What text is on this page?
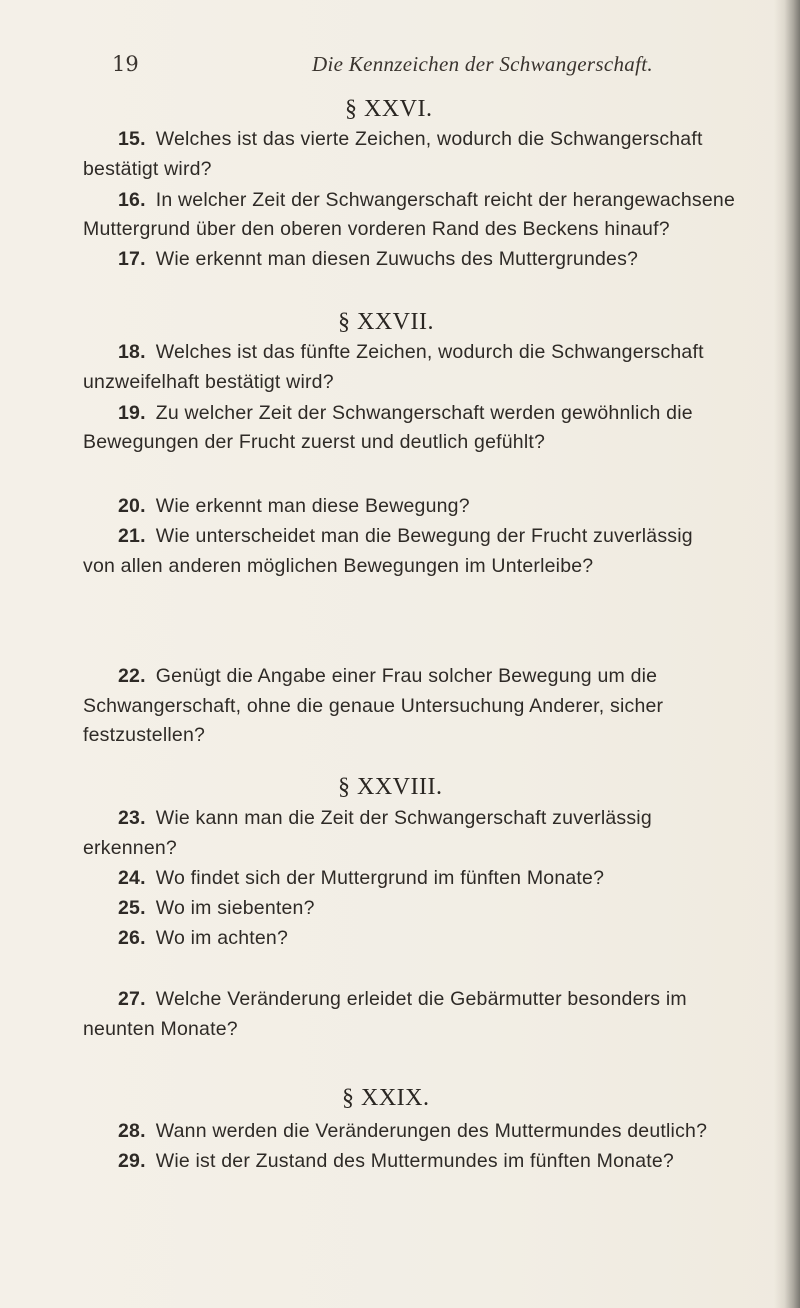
19	Die Kennzeichen der Schwangerschaft.
§ XXVI.
15. Welches ist das vierte Zeichen, wodurch die Schwangerschaft
bestätigt wird?
16. In welcher Zeit der Schwangerschaft reicht der herangewachsene
Muttergrund über den oberen vorderen Rand des Beckens hinauf?
17. Wie erkennt man diesen Zuwuchs des Muttergrundes?
§ XXVII.
18. Welches ist das fünfte Zeichen, wodurch die Schwangerschaft
unzweifelhaft bestätigt wird?
19. Zu welcher Zeit der Schwangerschaft werden gewöhnlich die
Bewegungen der Frucht zuerst und deutlich gefühlt?
20. Wie erkennt man diese Bewegung?
21. Wie unterscheidet man die Bewegung der Frucht zuverlässig
von allen anderen möglichen Bewegungen im Unterleibe?
22. Genügt die Angabe einer Frau solcher Bewegung um die
Schwangerschaft, ohne die genaue Untersuchung Anderer, sicher
festzustellen?
§ XXVIII.
23. Wie kann man die Zeit der Schwangerschaft zuverlässig
erkennen?
24. Wo findet sich der Muttergrund im fünften Monate?
25. Wo im siebenten?
26. Wo im achten?
27. Welche Veränderung erleidet die Gebärmutter besonders im
neunten Monate?
§ XXIX.
28. Wann werden die Veränderungen des Muttermundes deutlich?
29. Wie ist der Zustand des Muttermundes im fünften Monate?
